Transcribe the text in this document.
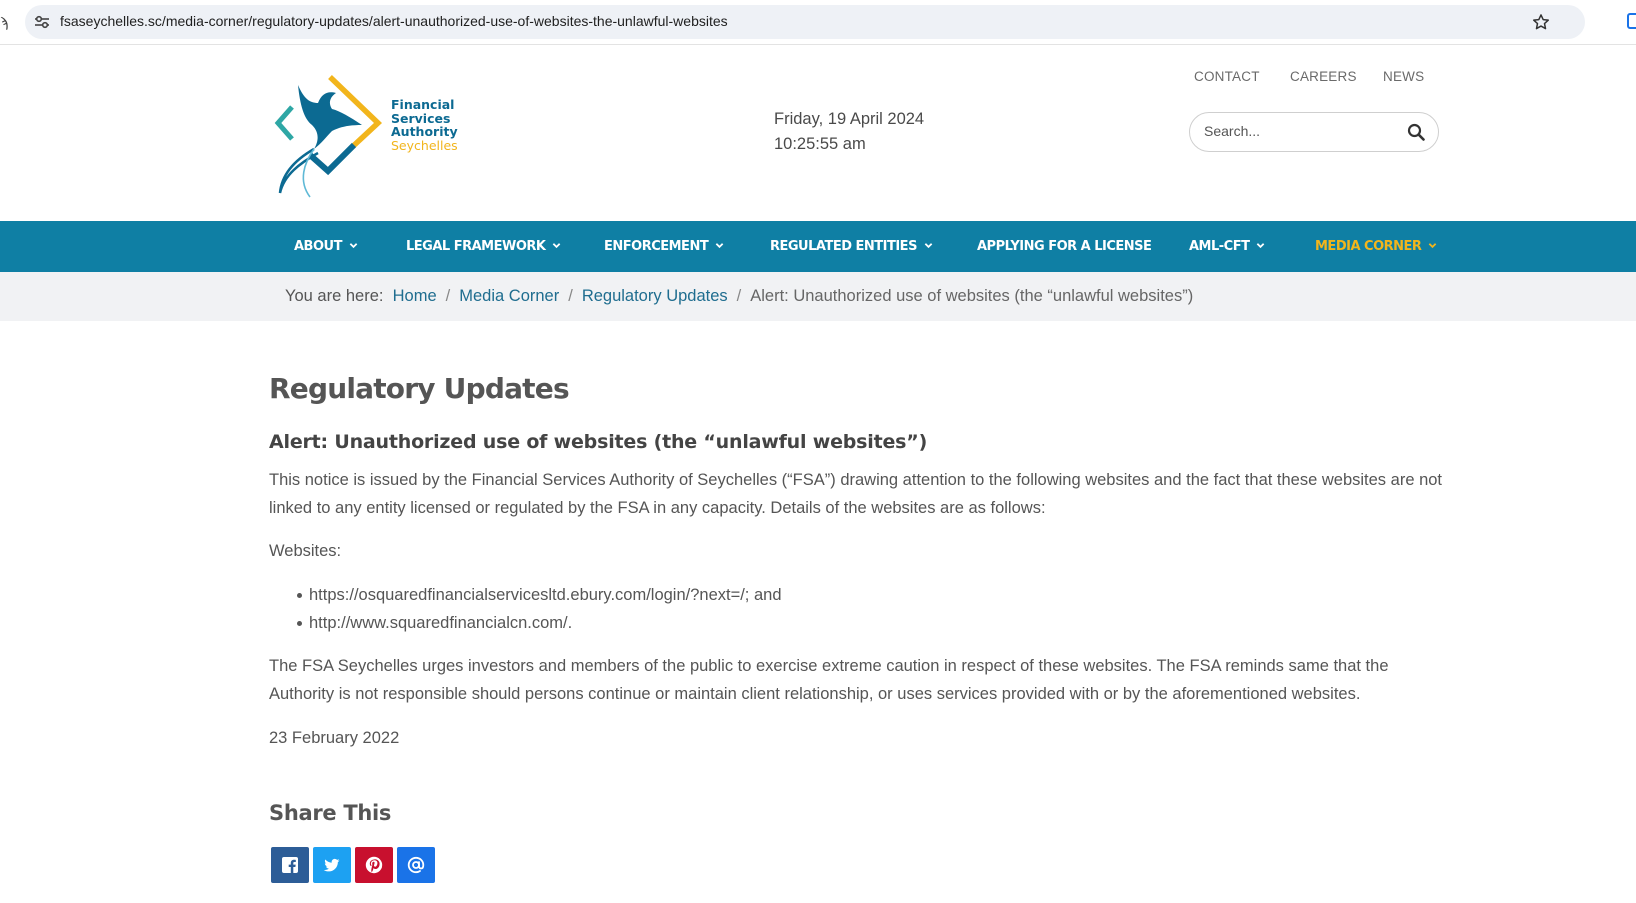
ϡ	fsaseychelles.sc/media-corner/regulatory-updates/alert-unauthorized-use-of-websites-the-unlawful-websites
Financial
Services
Authority
Seychelles
Friday, 19 April 2024
10:25:55 am
CONTACT CAREERS NEWS
Search...
ABOUT	LEGAL FRAMEWORK	ENFORCEMENT	REGULATED ENTITIES	APPLYING FOR A LICENSE	AML-CFT	MEDIA CORNER
You are here: Home / Media Corner / Regulatory Updates / Alert: Unauthorized use of websites (the “unlawful websites”)
Regulatory Updates
Alert: Unauthorized use of websites (the “unlawful websites”)

This notice is issued by the Financial Services Authority of Seychelles (“FSA”) drawing attention to the following websites and the fact that these websites are not linked to any entity licensed or regulated by the FSA in any capacity. Details of the websites are as follows:

Websites:

https://osquaredfinancialservicesltd.ebury.com/login/?next=/; and
http://www.squaredfinancialcn.com/.

The FSA Seychelles urges investors and members of the public to exercise extreme caution in respect of these websites. The FSA reminds same that the Authority is not responsible should persons continue or maintain client relationship, or uses services provided with or by the aforementioned websites.

23 February 2022

Share This
